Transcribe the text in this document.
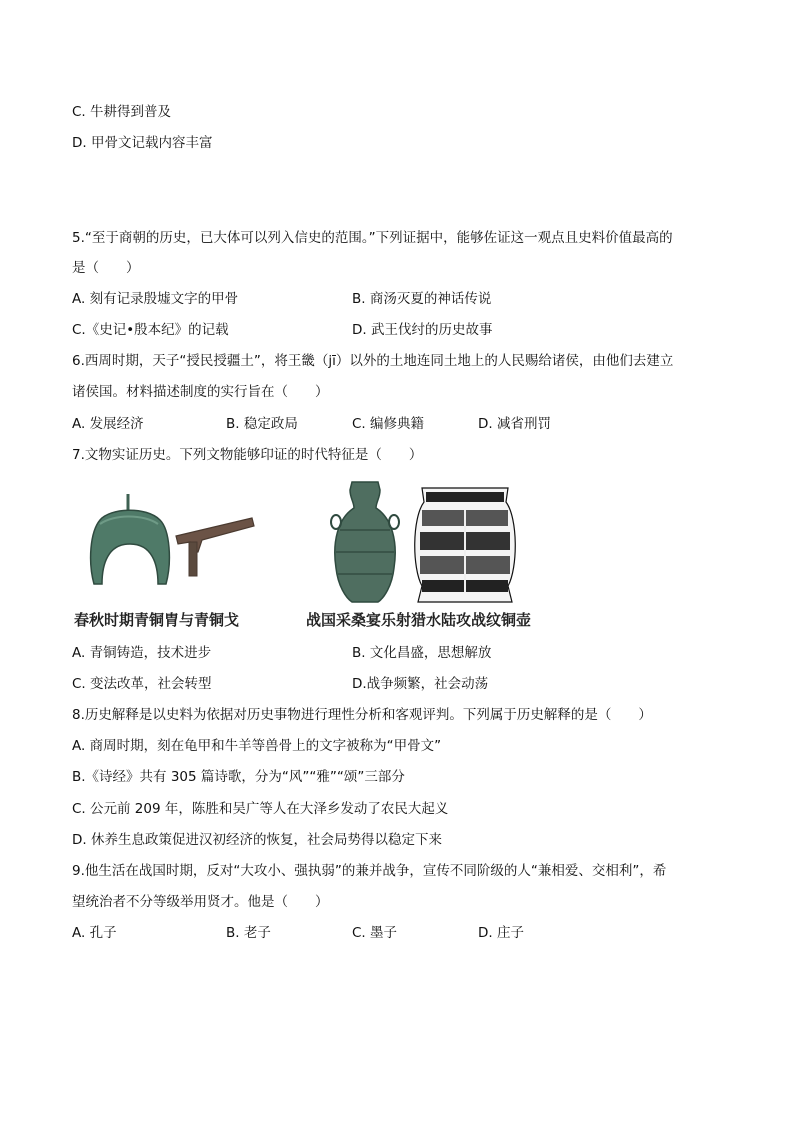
C. 牛耕得到普及
D. 甲骨文记载内容丰富
5.“至于商朝的历史，已大体可以列入信史的范围。”下列证据中，能够佐证这一观点且史料价值最高的
是（　　）
A. 刻有记录殷墟文字的甲骨	B. 商汤灭夏的神话传说
C.《史记•殷本纪》的记载	D. 武王伐纣的历史故事
6.西周时期，天子“授民授疆土”，将王畿（jī）以外的土地连同土地上的人民赐给诸侯，由他们去建立
诸侯国。材料描述制度的实行旨在（　　）
A. 发展经济	B. 稳定政局	C. 编修典籍	D. 减省刑罚
7.文物实证历史。下列文物能够印证的时代特征是（　　）
春秋时期青铜胄与青铜戈	战国采桑宴乐射猎水陆攻战纹铜壶
A. 青铜铸造，技术进步	B. 文化昌盛，思想解放
C. 变法改革，社会转型	D.战争频繁，社会动荡
8.历史解释是以史料为依据对历史事物进行理性分析和客观评判。下列属于历史解释的是（　　）
A. 商周时期，刻在龟甲和牛羊等兽骨上的文字被称为“甲骨文”
B.《诗经》共有 305 篇诗歌，分为“风”“雅”“颂”三部分
C. 公元前 209 年，陈胜和吴广等人在大泽乡发动了农民大起义
D. 休养生息政策促进汉初经济的恢复，社会局势得以稳定下来
9.他生活在战国时期，反对“大攻小、强执弱”的兼并战争，宣传不同阶级的人“兼相爱、交相利”，希
望统治者不分等级举用贤才。他是（　　）
A. 孔子	B. 老子	C. 墨子	D. 庄子
